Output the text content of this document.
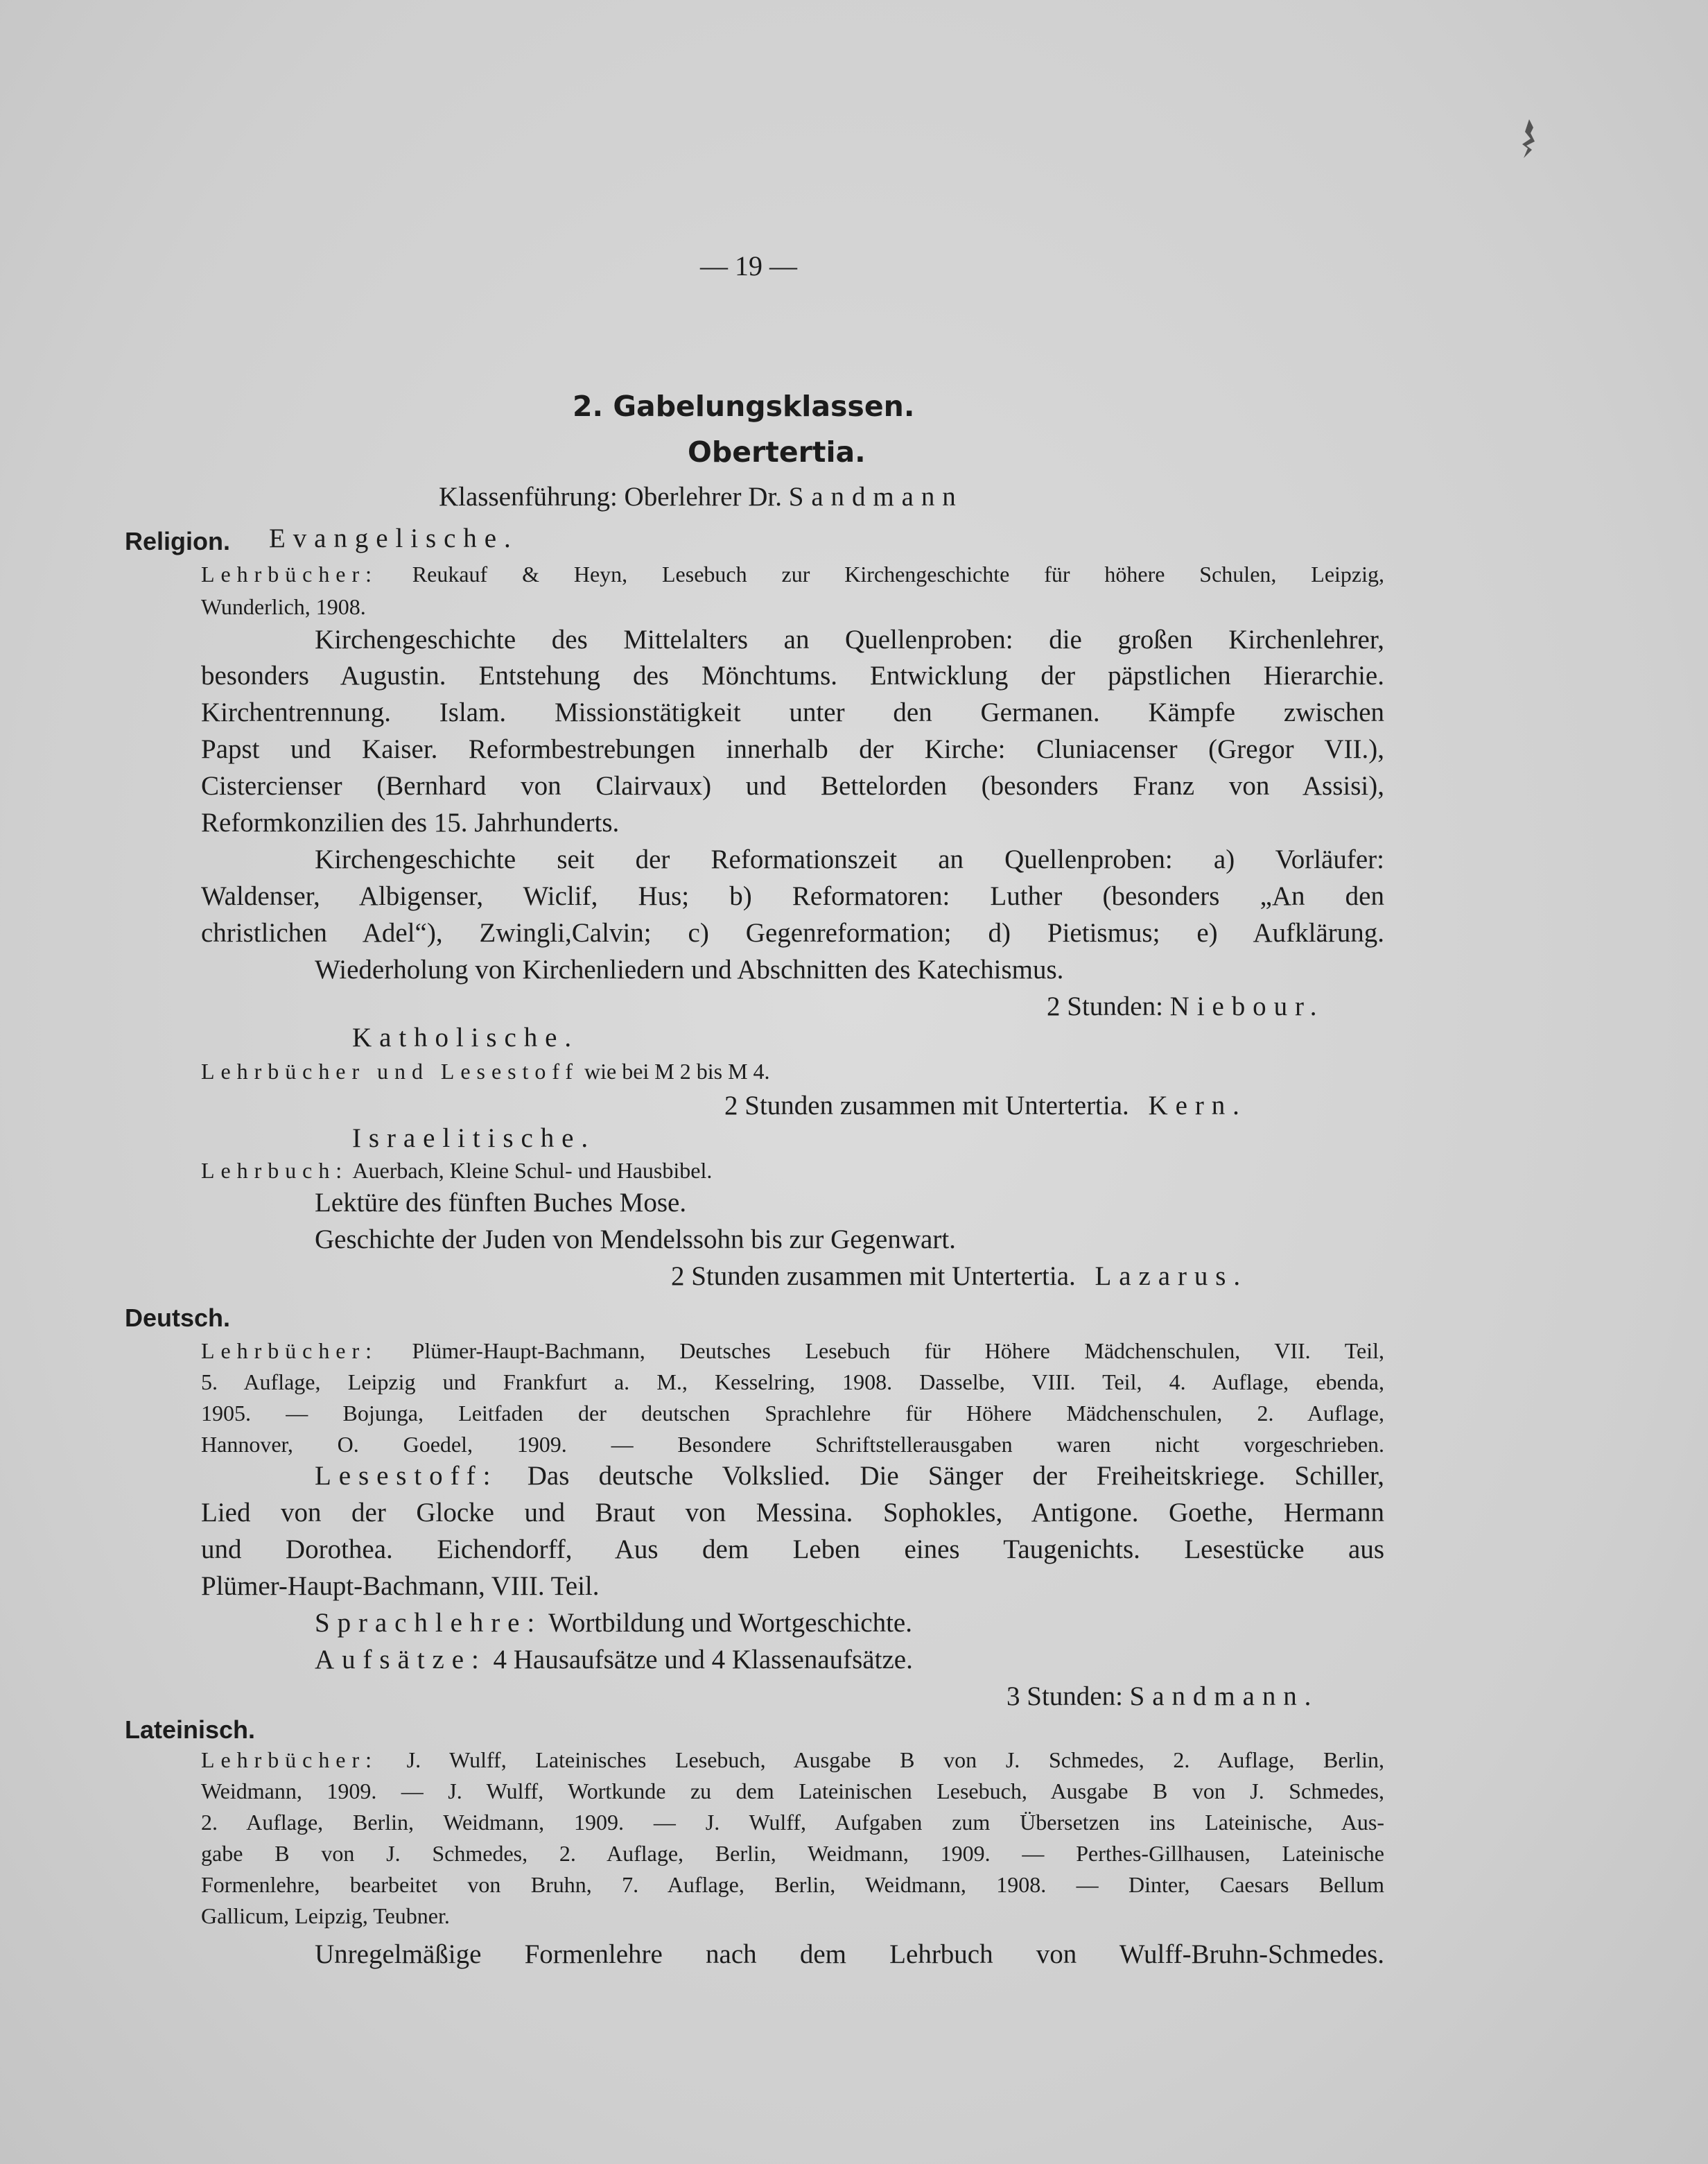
— 19 —

2. Gabelungsklassen.

Obertertia.

Klassenführung: Oberlehrer Dr. Sandmann

Religion. Evangelische.

Lehrbücher: Reukauf & Heyn, Lesebuch zur Kirchengeschichte für höhere Schulen, Leipzig,

Wunderlich, 1908.

Kirchengeschichte des Mittelalters an Quellenproben: die großen Kirchenlehrer,
besonders Augustin. Entstehung des Mönchtums. Entwicklung der päpstlichen Hierarchie.
Kirchentrennung. Islam. Missionstätigkeit unter den Germanen. Kämpfe zwischen
Papst und Kaiser. Reformbestrebungen innerhalb der Kirche: Cluniacenser (Gregor VII.),
Cistercienser (Bernhard von Clairvaux) und Bettelorden (besonders Franz von Assisi),

Reformkonzilien des 15. Jahrhunderts.

Kirchengeschichte seit der Reformationszeit an Quellenproben: a) Vorläufer:
Waldenser, Albigenser, Wiclif, Hus; b) Reformatoren: Luther (besonders „An den
christlichen Adel“), Zwingli,Calvin; c) Gegenreformation; d) Pietismus; e) Aufklärung.

Wiederholung von Kirchenliedern und Abschnitten des Katechismus.

2 Stunden: Niebour.

Katholische.

Lehrbücher und Lesestoff wie bei M 2 bis M 4.

2 Stunden zusammen mit Untertertia. Kern.

Israelitische.

Lehrbuch: Auerbach, Kleine Schul- und Hausbibel.

Lektüre des fünften Buches Mose.

Geschichte der Juden von Mendelssohn bis zur Gegenwart.

2 Stunden zusammen mit Untertertia. Lazarus.

Deutsch.

Lehrbücher: Plümer-Haupt-Bachmann, Deutsches Lesebuch für Höhere Mädchenschulen, VII. Teil,
5. Auflage, Leipzig und Frankfurt a. M., Kesselring, 1908. Dasselbe, VIII. Teil, 4. Auflage, ebenda,
1905. — Bojunga, Leitfaden der deutschen Sprachlehre für Höhere Mädchenschulen, 2. Auflage,
Hannover, O. Goedel, 1909. — Besondere Schriftstellerausgaben waren nicht vorgeschrieben.
Lesestoff: Das deutsche Volkslied. Die Sänger der Freiheitskriege. Schiller,
Lied von der Glocke und Braut von Messina. Sophokles, Antigone. Goethe, Hermann
und Dorothea. Eichendorff, Aus dem Leben eines Taugenichts. Lesestücke aus

Plümer-Haupt-Bachmann, VIII. Teil.

Sprachlehre: Wortbildung und Wortgeschichte.

Aufsätze: 4 Hausaufsätze und 4 Klassenaufsätze.

3 Stunden: Sandmann.

Lateinisch.

Lehrbücher: J. Wulff, Lateinisches Lesebuch, Ausgabe B von J. Schmedes, 2. Auflage, Berlin,
Weidmann, 1909. — J. Wulff, Wortkunde zu dem Lateinischen Lesebuch, Ausgabe B von J. Schmedes,
2. Auflage, Berlin, Weidmann, 1909. — J. Wulff, Aufgaben zum Übersetzen ins Lateinische, Aus-
gabe B von J. Schmedes, 2. Auflage, Berlin, Weidmann, 1909. — Perthes-Gillhausen, Lateinische
Formenlehre, bearbeitet von Bruhn, 7. Auflage, Berlin, Weidmann, 1908. — Dinter, Caesars Bellum

Gallicum, Leipzig, Teubner.

Unregelmäßige Formenlehre nach dem Lehrbuch von Wulff-Bruhn-Schmedes.
